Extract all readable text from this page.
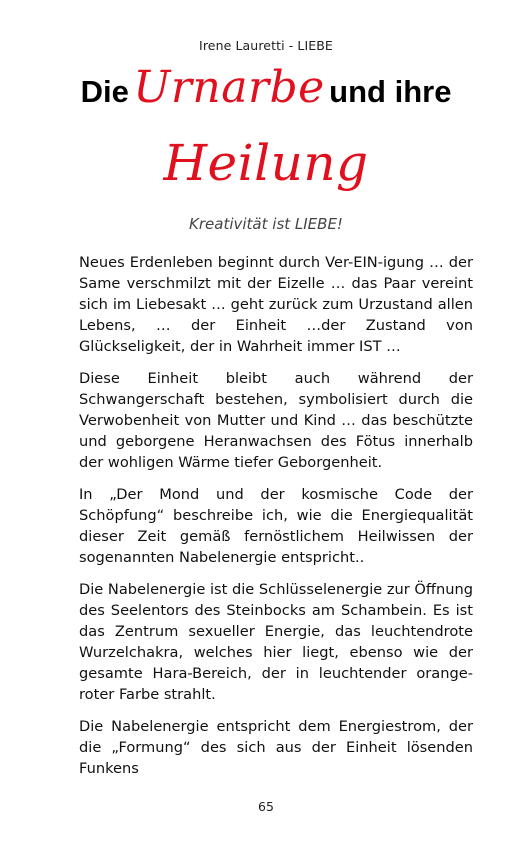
Irene Lauretti - LIEBE
Die Urnarbe und ihre
Heilung
Kreativität ist LIEBE!

Neues Erdenleben beginnt durch Ver-EIN-igung … der Same verschmilzt mit der Eizelle … das Paar vereint sich im Liebesakt … geht zurück zum Urzustand allen Lebens, … der Einheit …der Zustand von Glückseligkeit, der in Wahrheit immer IST …

Diese Einheit bleibt auch während der Schwangerschaft bestehen, symbolisiert durch die Verwobenheit von Mutter und Kind … das beschützte und geborgene Heranwachsen des Fötus innerhalb der wohligen Wärme tiefer Geborgenheit.

In „Der Mond und der kosmische Code der Schöpfung“ beschreibe ich, wie die Energiequalität dieser Zeit gemäß fernöstlichem Heilwissen der sogenannten Nabelenergie entspricht..

Die Nabelenergie ist die Schlüsselenergie zur Öffnung des Seelentors des Steinbocks am Schambein. Es ist das Zentrum sexueller Energie, das leuchtendrote Wurzelchakra, welches hier liegt, ebenso wie der gesamte Hara-Bereich, der in leuchtender orange-roter Farbe strahlt.

Die Nabelenergie entspricht dem Energiestrom, der die „Formung“ des sich aus der Einheit lösenden Funkens

65
